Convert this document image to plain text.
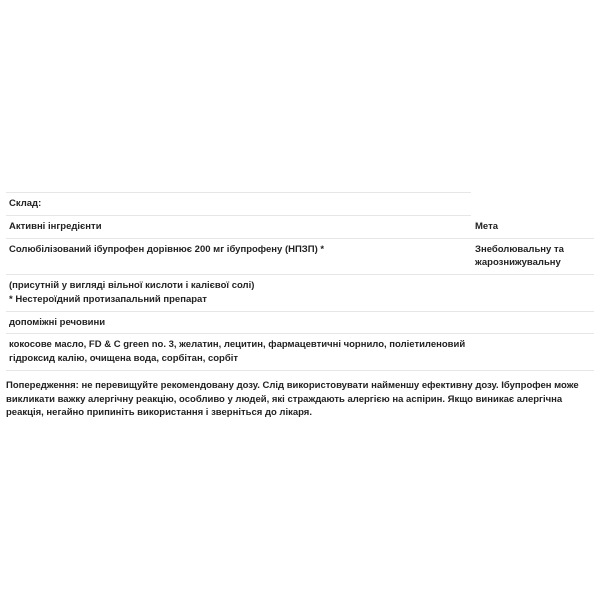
Склад:
Активні інгредієнти	Мета
Солюбілізований ібупрофен дорівнює 200 мг ібупрофену (НПЗП) *	Знеболювальну та
жарознижувальну
(присутній у вигляді вільної кислоти і калієвої солі)
* Нестероїдний протизапальний препарат
допоміжні речовини
кокосове масло, FD & C green no. 3, желатин, лецитин, фармацевтичні чорнило, поліетиленовий
гідроксид калію, очищена вода, сорбітан, сорбіт
Попередження: не перевищуйте рекомендовану дозу. Слід використовувати найменшу ефективну дозу. Ібупрофен може
викликати важку алергічну реакцію, особливо у людей, які страждають алергією на аспірин. Якщо виникає алергічна
реакція, негайно припиніть використання і зверніться до лікаря.
